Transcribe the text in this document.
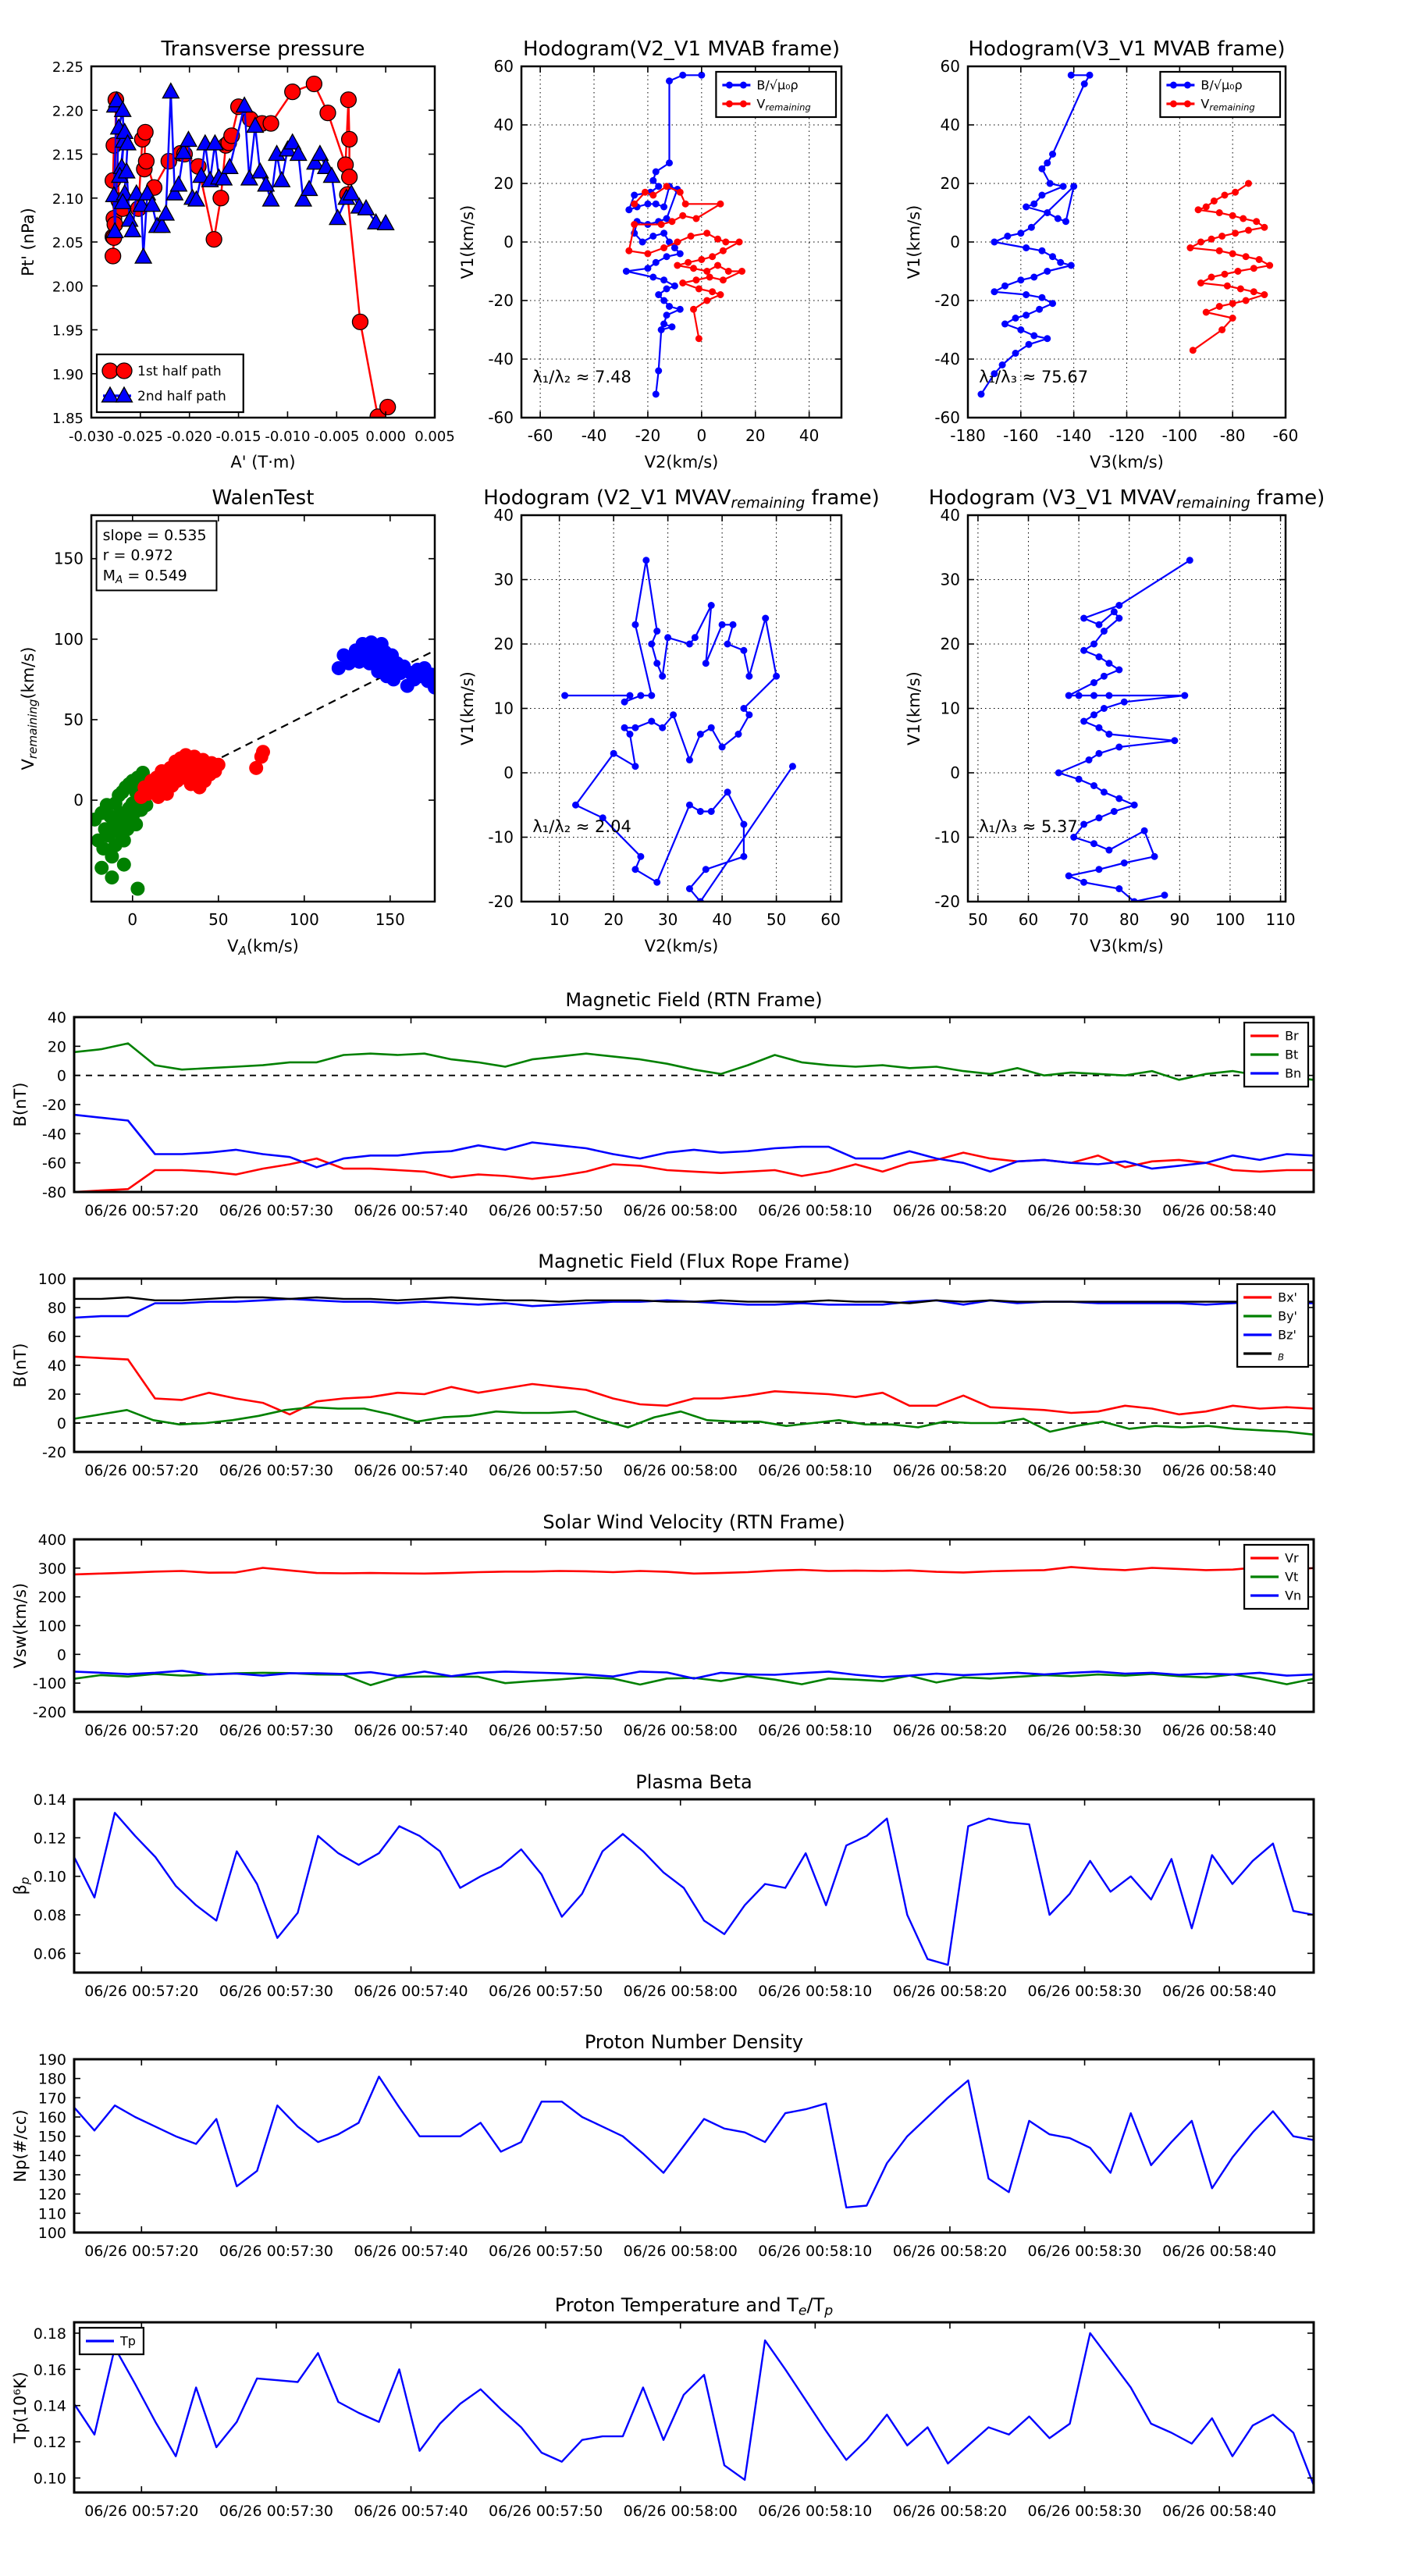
-0.030 -0.025 -0.020 -0.015 -0.010 -0.005 0.000 0.005
1.85
1.90
1.95
2.00
2.05
2.10
2.15
2.20
2.25
Transverse pressure
A' (T·m)
Pt' (nPa)
1st half path
2nd half path
-60 -40 -20 0 20 40
-60
-40
-20
0
20
40
60
Hodogram(V2_V1 MVAB frame)
V2(km/s)
V1(km/s)
λ₁/λ₂ ≈ 7.48
B/√μ₀ρ
Vremaining
-180 -160 -140 -120 -100 -80 -60
-60
-40
-20
0
20
40
60
Hodogram(V3_V1 MVAB frame)
V3(km/s)
V1(km/s)
λ₁/λ₃ ≈ 75.67
B/√μ₀ρ
Vremaining
0	50	100	150
0
50
100
150
WalenTest
VA(km/s)
Vremaining(km/s)
slope = 0.535
r = 0.972
MA = 0.549
10 20 30 40 50 60
-20
-10
0
10
20
30
40
Hodogram (V2_V1 MVAVremaining frame)
V2(km/s)
V1(km/s)
λ₁/λ₂ ≈ 2.04
50 60 70 80 90 100 110
-20
-10
0
10
20
30
40
Hodogram (V3_V1 MVAVremaining frame)
V3(km/s)
V1(km/s)
λ₁/λ₃ ≈ 5.37
06/26 00:57:20 06/26 00:57:30 06/26 00:57:40 06/26 00:57:50 06/26 00:58:00 06/26 00:58:10 06/26 00:58:20 06/26 00:58:30 06/26 00:58:40
40
20
0
-20
-40
-60
-80
Magnetic Field (RTN Frame)
B(nT)
Br
Bt
Bn
06/26 00:57:20 06/26 00:57:30 06/26 00:57:40 06/26 00:57:50 06/26 00:58:00 06/26 00:58:10 06/26 00:58:20 06/26 00:58:30 06/26 00:58:40
-20
0
20
40
60
80
100
Magnetic Field (Flux Rope Frame)
B(nT)
Bx'
By'
Bz'
B
06/26 00:57:20 06/26 00:57:30 06/26 00:57:40 06/26 00:57:50 06/26 00:58:00 06/26 00:58:10 06/26 00:58:20 06/26 00:58:30 06/26 00:58:40
-200
-100
0
100
200
300
400
Solar Wind Velocity (RTN Frame)
Vsw(km/s)
Vr
Vt
Vn
06/26 00:57:20 06/26 00:57:30 06/26 00:57:40 06/26 00:57:50 06/26 00:58:00 06/26 00:58:10 06/26 00:58:20 06/26 00:58:30 06/26 00:58:40
0.06
0.08
0.10
0.12
0.14
Plasma Beta
βp
06/26 00:57:20 06/26 00:57:30 06/26 00:57:40 06/26 00:57:50 06/26 00:58:00 06/26 00:58:10 06/26 00:58:20 06/26 00:58:30 06/26 00:58:40
100
110
120
130
140
150
160
170
180
190
Proton Number Density
Np(#/cc)
06/26 00:57:20 06/26 00:57:30 06/26 00:57:40 06/26 00:57:50 06/26 00:58:00 06/26 00:58:10 06/26 00:58:20 06/26 00:58:30 06/26 00:58:40
0.10
0.12
0.14
0.16
0.18
Proton Temperature and Te/Tp
Tp(10⁶K)
Tp
